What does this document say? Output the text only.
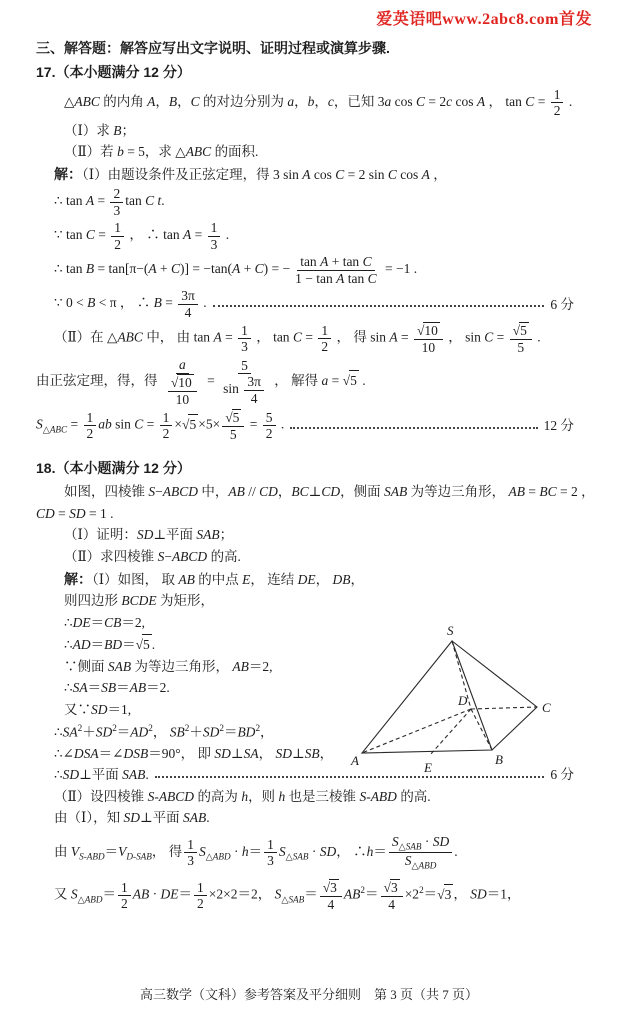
爱英语吧www.2abc8.com首发
三、解答题：解答应写出文字说明、证明过程或演算步骤.
17.（本小题满分 12 分）
△ABC 的内角 A，B，C 的对边分别为 a，b，c，已知 3a cos C = 2c cos A ， $\tan C = \frac{1}{2}$ .
（Ⅰ）求 B；
（Ⅱ）若 b = 5，求 △ABC 的面积.
解：（Ⅰ）由题设条件及正弦定理，得 3 sin A cos C = 2 sin C cos A ，
∴ $\tan A = \frac{2}{3}$ tan C t.
∵ $\tan C = \frac{1}{2}$ ， ∴ $\tan A = \frac{1}{3}$ .
∴ tan B = tan[π−(A + C)] = −tan(A + C) = − $\frac{\text{tan A + tan C}}{\text{1 − tan A tan C}} = -1$ .
∵ 0 < B < π ， ∴ $B = \frac{3\pi}{4}$ .	6 分
（Ⅱ）在 △ABC 中， 由 $\tan A = \frac{1}{3}$ ， $\tan C = \frac{1}{2}$ ， 得 $\sin A = \frac{√10}{10}$ ， $\sin C = \frac{√5}{5}$ .
由正弦定理，得，得 $\frac{a}{\frac{√10}{10}} = \frac{5}{\sin \frac{3\pi}{4}}$ ， 解得 a = √5 .
$S_{\triangle ABC} = \frac{1}{2}$ ab $\sin C = \frac{1}{2} \times√5 \times 5\times \frac{√5}{5} = \frac{5}{2}$ .	12 分
18.（本小题满分 12 分）
如图，四棱锥 S−ABCD 中，AB // CD，BC⊥CD，侧面 SAB 为等边三角形， AB = BC = 2 ，
CD = SD = 1 .
（Ⅰ）证明：SD⊥平面 SAB；
（Ⅱ）求四棱锥 S−ABCD 的高.
解：（Ⅰ）如图， 取 AB 的中点 E， 连结 DE， DB，
则四边形 BCDE 为矩形，
∴DE＝CB＝2,
∴AD＝BD＝√5 .
∵侧面 SAB 为等边三角形， AB＝2,
∴SA＝SB＝AB＝2.
又∵SD＝1,
$\therefore SA^2+SD^2=AD^2$， $SB^2+SD^2=BD^2$，
∴∠DSA＝∠DSB＝90°， 即 SD⊥SA， SD⊥SB，
∴SD⊥平面 SAB.	6 分
（Ⅱ）设四棱锥 S-ABCD 的高为 h，则 h 也是三棱锥 S-ABD 的高.
由（Ⅰ），知 SD⊥平面 SAB.
由 $V_{S-ABD}=V_{D-SAB}$， 得 $\frac{1}{3} S_{\triangle ABD} \cdot h= \frac{1}{3} S_{\triangle SAB}$ · SD， ∴h＝ $\frac{S_{\triangle SAB} \cdot SD}{S_{\triangle ABD}}$ .
又 $S_{\triangle ABD}= \frac{1}{2}$ AB · $DE= \frac{1}{2} \times 2\times 2=2$， $S_{\triangle SAB}= \frac{√3}{4} AB^2= \frac{√3}{4} \times 2^2=√3$ ， SD＝1，
S
A	B
C
D
E
高三数学（文科）参考答案及平分细则　第 3 页（共 7 页）
